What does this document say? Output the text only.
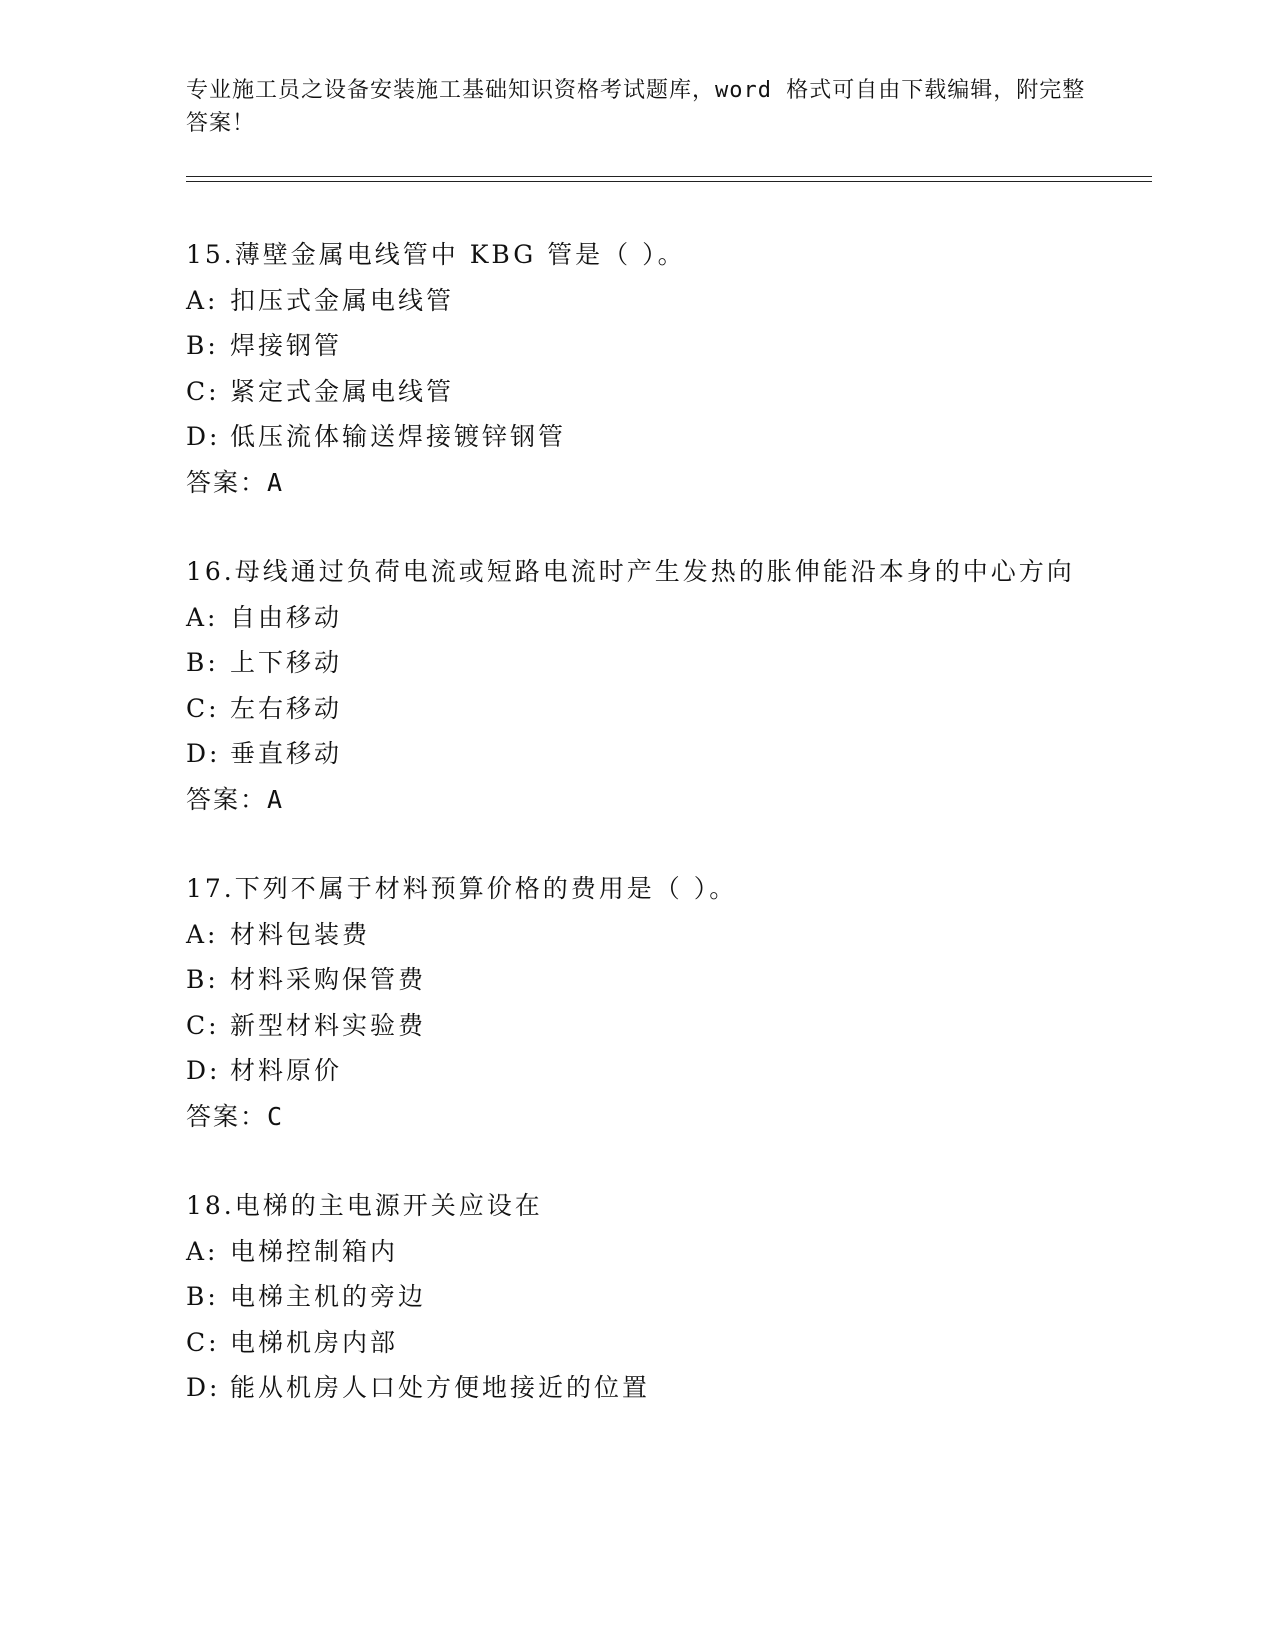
专业施工员之设备安装施工基础知识资格考试题库，word 格式可自由下载编辑，附完整答案！
15.薄壁金属电线管中 KBG 管是（ ）。
A: 扣压式金属电线管
B: 焊接钢管
C: 紧定式金属电线管
D: 低压流体输送焊接镀锌钢管
答案：A
16.母线通过负荷电流或短路电流时产生发热的胀伸能沿本身的中心方向
A: 自由移动
B: 上下移动
C: 左右移动
D: 垂直移动
答案：A
17.下列不属于材料预算价格的费用是（ ）。
A: 材料包装费
B: 材料采购保管费
C: 新型材料实验费
D: 材料原价
答案：C
18.电梯的主电源开关应设在
A: 电梯控制箱内
B: 电梯主机的旁边
C: 电梯机房内部
D: 能从机房人口处方便地接近的位置
